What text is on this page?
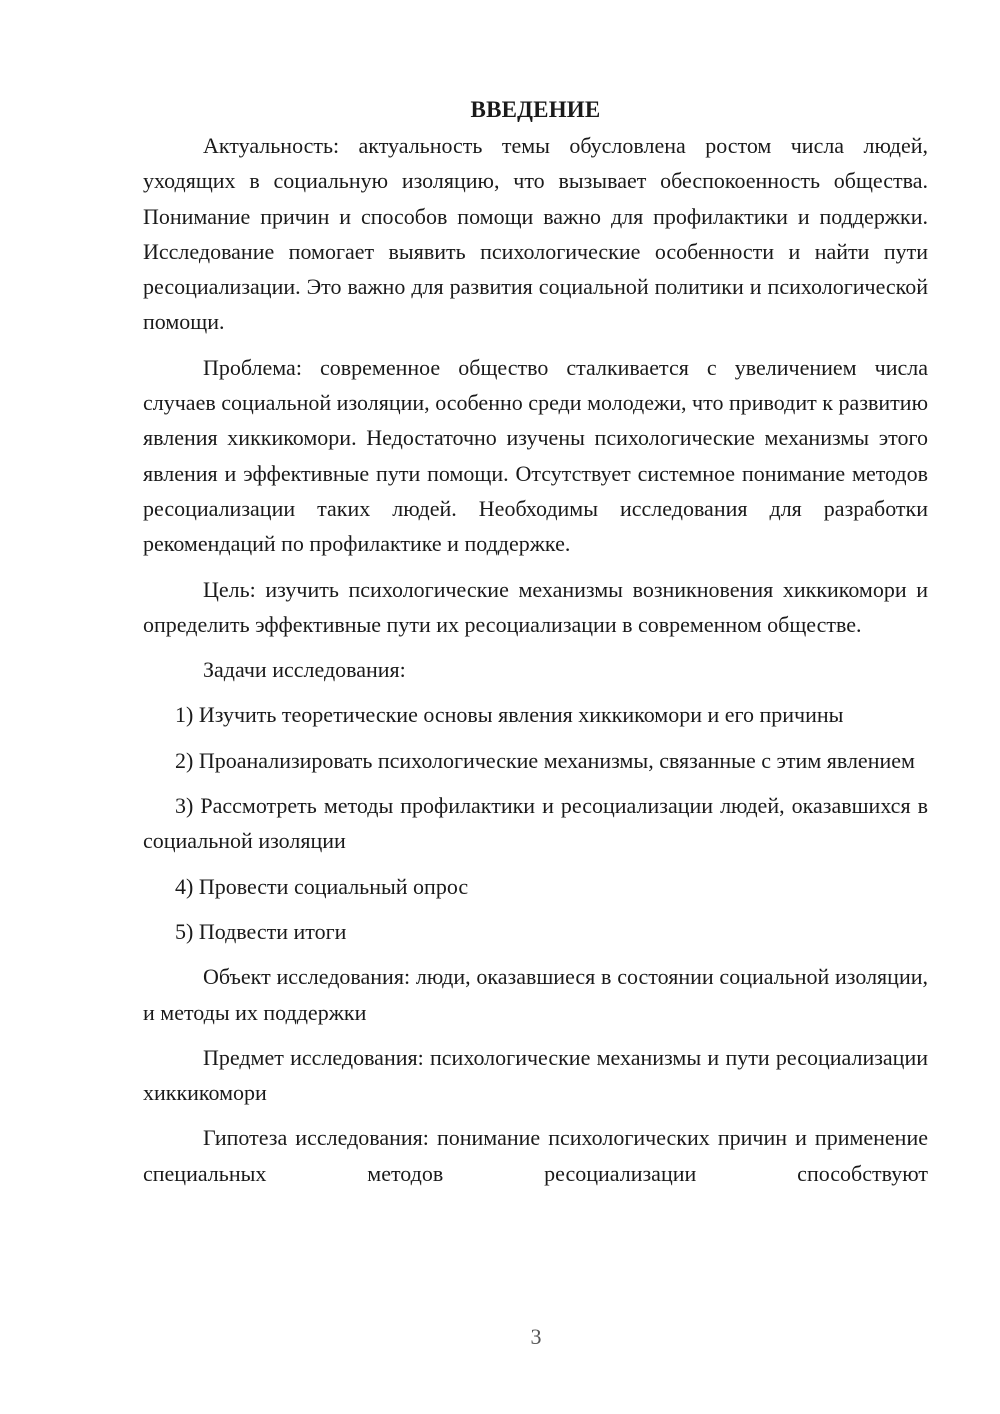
ВВЕДЕНИЕ

Актуальность: актуальность темы обусловлена ростом числа людей, уходящих в социальную изоляцию, что вызывает обеспокоенность общества. Понимание причин и способов помощи важно для профилактики и поддержки. Исследование помогает выявить психологические особенности и найти пути ресоциализации. Это важно для развития социальной политики и психологической помощи.

Проблема: современное общество сталкивается с увеличением числа случаев социальной изоляции, особенно среди молодежи, что приводит к развитию явления хиккикомори. Недостаточно изучены психологические механизмы этого явления и эффективные пути помощи. Отсутствует системное понимание методов ресоциализации таких людей. Необходимы исследования для разработки рекомендаций по профилактике и поддержке.

Цель: изучить психологические механизмы возникновения хиккикомори и определить эффективные пути их ресоциализации в современном обществе.

Задачи исследования:

1) Изучить теоретические основы явления хиккикомори и его причины

2) Проанализировать психологические механизмы, связанные с этим явлением

3) Рассмотреть методы профилактики и ресоциализации людей, оказавшихся в социальной изоляции

4) Провести социальный опрос

5) Подвести итоги

Объект исследования: люди, оказавшиеся в состоянии социальной изоляции, и методы их поддержки

Предмет исследования: психологические механизмы и пути ресоциализации хиккикомори

Гипотеза исследования: понимание психологических причин и применение специальных методов ресоциализации способствуют

3
